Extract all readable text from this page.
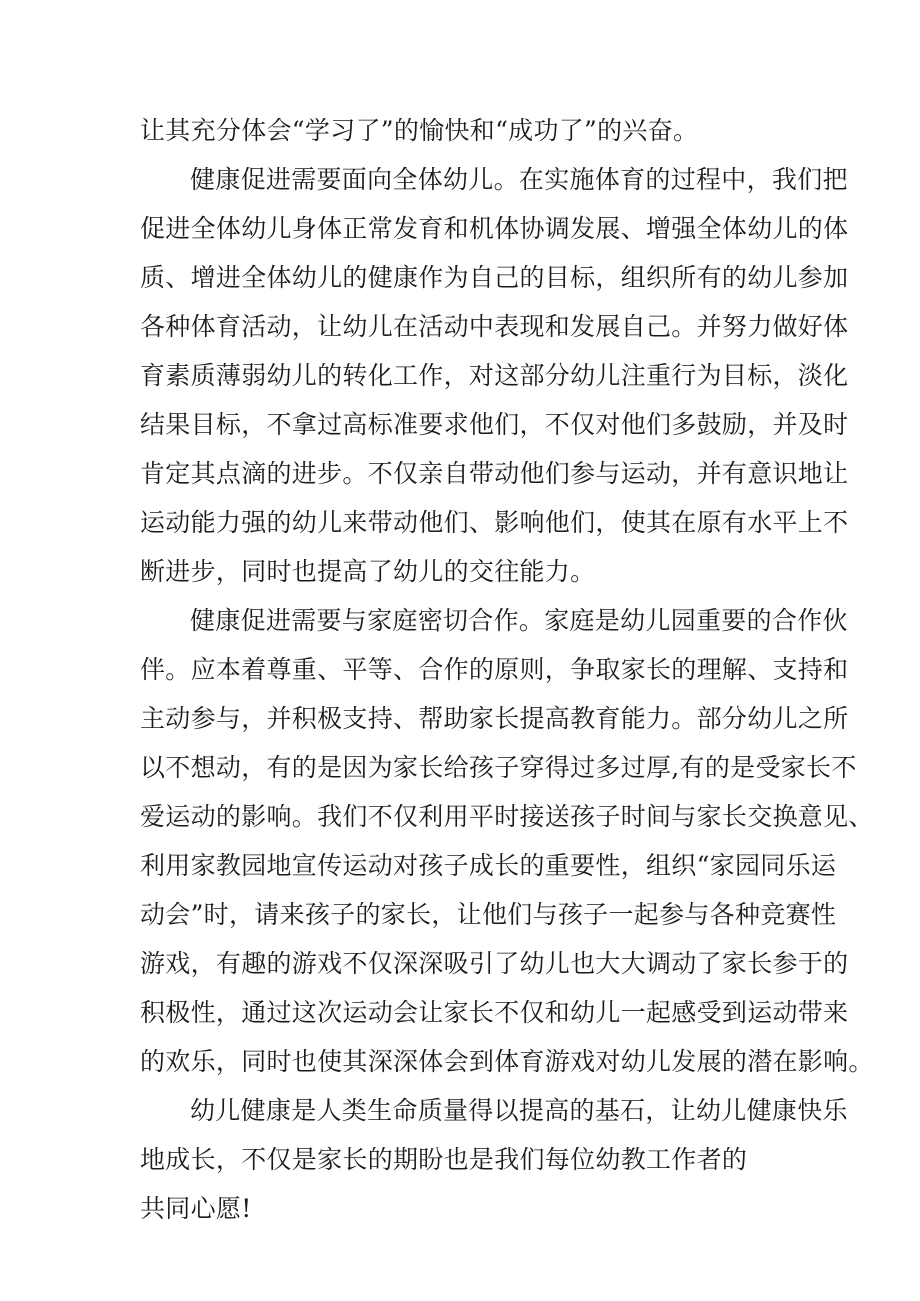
让其充分体会“学习了”的愉快和“成功了”的兴奋。
健康促进需要面向全体幼儿。在实施体育的过程中，我们把
促进全体幼儿身体正常发育和机体协调发展、增强全体幼儿的体
质、增进全体幼儿的健康作为自己的目标，组织所有的幼儿参加
各种体育活动，让幼儿在活动中表现和发展自己。并努力做好体
育素质薄弱幼儿的转化工作，对这部分幼儿注重行为目标，淡化
结果目标，不拿过高标准要求他们，不仅对他们多鼓励，并及时
肯定其点滴的进步。不仅亲自带动他们参与运动，并有意识地让
运动能力强的幼儿来带动他们、影响他们，使其在原有水平上不
断进步，同时也提高了幼儿的交往能力。
健康促进需要与家庭密切合作。家庭是幼儿园重要的合作伙
伴。应本着尊重、平等、合作的原则，争取家长的理解、支持和
主动参与，并积极支持、帮助家长提高教育能力。部分幼儿之所
以不想动，有的是因为家长给孩子穿得过多过厚,有的是受家长不
爱运动的影响。我们不仅利用平时接送孩子时间与家长交换意见、
利用家教园地宣传运动对孩子成长的重要性，组织“家园同乐运
动会”时，请来孩子的家长，让他们与孩子一起参与各种竞赛性
游戏，有趣的游戏不仅深深吸引了幼儿也大大调动了家长参于的
积极性，通过这次运动会让家长不仅和幼儿一起感受到运动带来
的欢乐，同时也使其深深体会到体育游戏对幼儿发展的潜在影响。
幼儿健康是人类生命质量得以提高的基石，让幼儿健康快乐
地成长，不仅是家长的期盼也是我们每位幼教工作者的
共同心愿!
